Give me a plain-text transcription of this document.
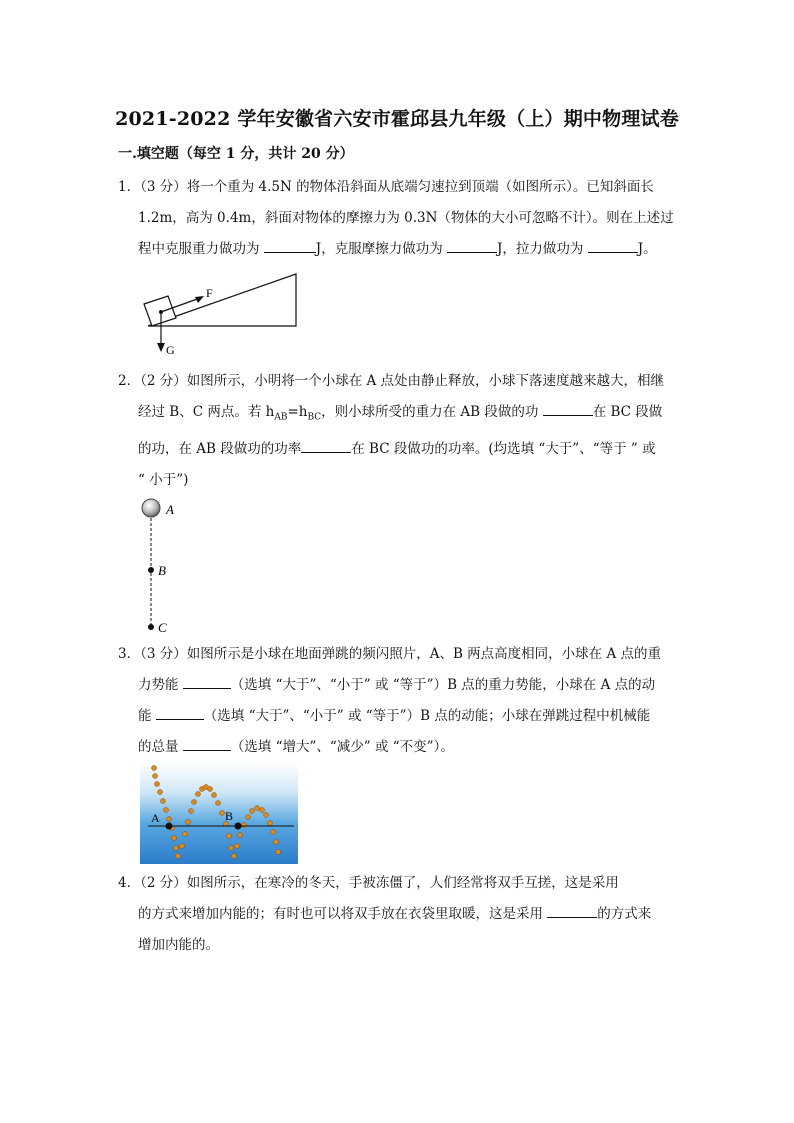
2021-2022 学年安徽省六安市霍邱县九年级（上）期中物理试卷
一.填空题（每空 1 分，共计 20 分）
1．（3 分）将一个重为 4.5N 的物体沿斜面从底端匀速拉到顶端（如图所示）。已知斜面长
1.2m，高为 0.4m，斜面对物体的摩擦力为 0.3N（物体的大小可忽略不计）。则在上述过
程中克服重力做功为	J，克服摩擦力做功为	J，拉力做功为	J。
F
G
2．（2 分）如图所示，小明将一个小球在 A 点处由静止释放，小球下落速度越来越大，相继
经过 B、C 两点。若 $h_{AB}=h_{BC}$，则小球所受的重力在 AB 段做的功	在 BC 段做
的功，在 AB 段做功的功率	在 BC 段做功的功率。(均选填 “大于”、“等于 ” 或
“ 小于”)
A
B
C
3．（3 分）如图所示是小球在地面弹跳的频闪照片，A、B 两点高度相同，小球在 A 点的重
力势能	（选填 “大于”、“小于” 或 “等于”）B 点的重力势能，小球在 A 点的动
能	（选填 “大于”、“小于” 或 “等于”）B 点的动能；小球在弹跳过程中机械能
的总量	（选填 “增大”、“减少” 或 “不变”）。
A	B
4．（2 分）如图所示，在寒冷的冬天，手被冻僵了，人们经常将双手互搓，这是采用
的方式来增加内能的；有时也可以将双手放在衣袋里取暖，这是采用	的方式来
增加内能的。
